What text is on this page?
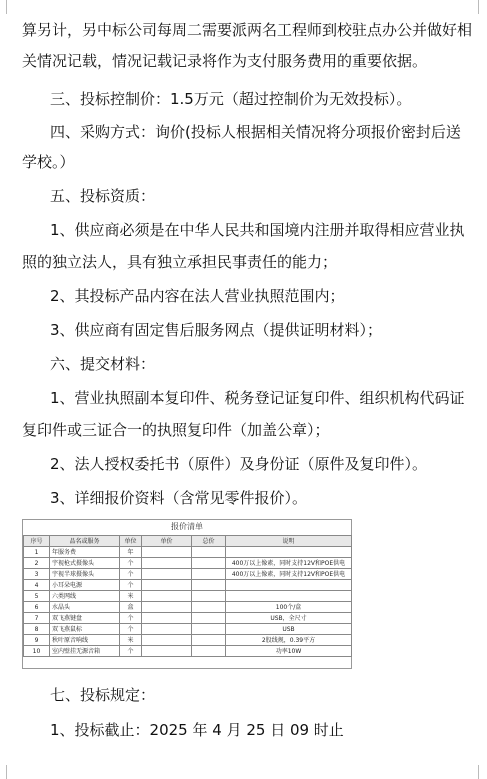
算另计，另中标公司每周二需要派两名工程师到校驻点办公并做好相
关情况记载，情况记载记录将作为支付服务费用的重要依据。
三、投标控制价：1.5万元（超过控制价为无效投标）。
四、采购方式：询价(投标人根据相关情况将分项报价密封后送
学校。）
五、投标资质：
1、供应商必须是在中华人民共和国境内注册并取得相应营业执
照的独立法人，具有独立承担民事责任的能力；
2、其投标产品内容在法人营业执照范围内；
3、供应商有固定售后服务网点（提供证明材料）；
六、提交材料：
1、营业执照副本复印件、税务登记证复印件、组织机构代码证
复印件或三证合一的执照复印件（加盖公章）；
2、法人授权委托书（原件）及身份证（原件及复印件）。
3、详细报价资料（含常见零件报价）。
报价清单
序号	品名或服务	单位	单价	总价	说明
1	年服务费	年			
2	宇视枪式摄像头	个			400万以上像素，同时支持12V和POE供电
3	宇视半球摄像头	个			400万以上像素，同时支持12V和POE供电
4	小耳朵电源	个			
5	六类网线	米			
6	水晶头	盒			100个/盒
7	双飞燕键盘	个			USB，全尺寸
8	双飞燕鼠标	个			USB
9	秋叶原音响线	米			2股线规，0.39平方
10	室内壁挂无源音箱	个			功率10W
七、投标规定：
1、投标截止：2025 年 4 月 25 日 09 时止
